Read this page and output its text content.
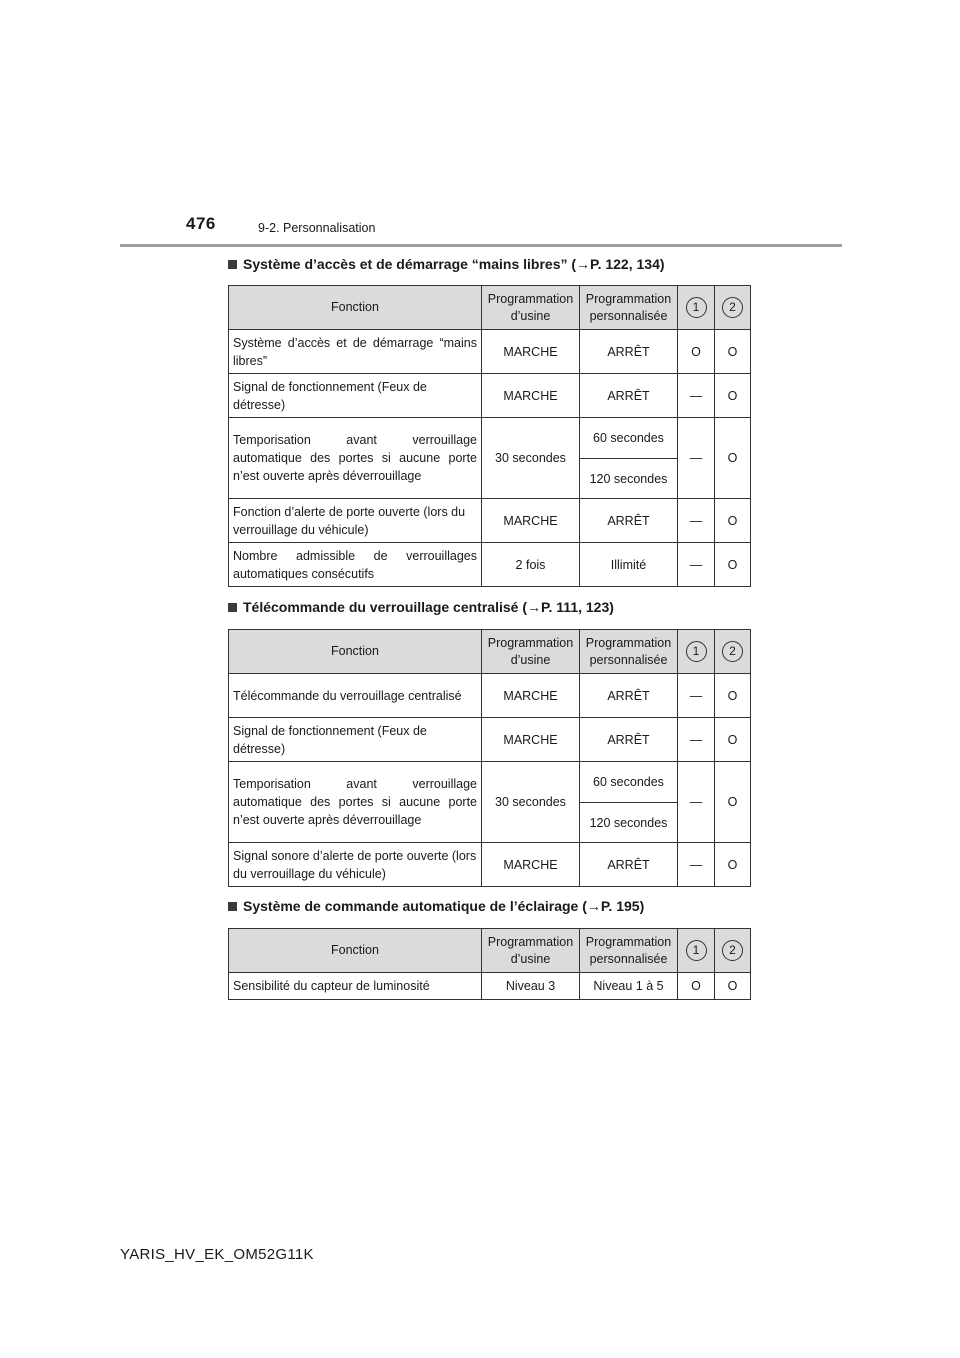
476	9-2. Personnalisation
Système d’accès et de démarrage “mains libres” (→P. 122, 134)
Fonction	Programmation d’usine	Programmation personnalisée	1	2
Système d’accès et de démarrage “mains libres”	MARCHE	ARRÊT	O	O
Signal de fonctionnement (Feux de détresse)	MARCHE	ARRÊT	—	O
Temporisation avant verrouillage automatique des portes si aucune porte n’est ouverte après déverrouillage	30 secondes	60 secondes	—	O
		120 secondes		
Fonction d’alerte de porte ouverte (lors du verrouillage du véhicule)	MARCHE	ARRÊT	—	O
Nombre admissible de verrouillages automatiques consécutifs	2 fois	Illimité	—	O
Télécommande du verrouillage centralisé (→P. 111, 123)
Fonction	Programmation d’usine	Programmation personnalisée	1	2
Télécommande du verrouillage centralisé	MARCHE	ARRÊT	—	O
Signal de fonctionnement (Feux de détresse)	MARCHE	ARRÊT	—	O
Temporisation avant verrouillage automatique des portes si aucune porte n’est ouverte après déverrouillage	30 secondes	60 secondes	—	O
		120 secondes		
Signal sonore d’alerte de porte ouverte (lors du verrouillage du véhicule)	MARCHE	ARRÊT	—	O
Système de commande automatique de l’éclairage (→P. 195)
Fonction	Programmation d’usine	Programmation personnalisée	1	2
Sensibilité du capteur de luminosité	Niveau 3	Niveau 1 à 5	O	O
YARIS_HV_EK_OM52G11K
